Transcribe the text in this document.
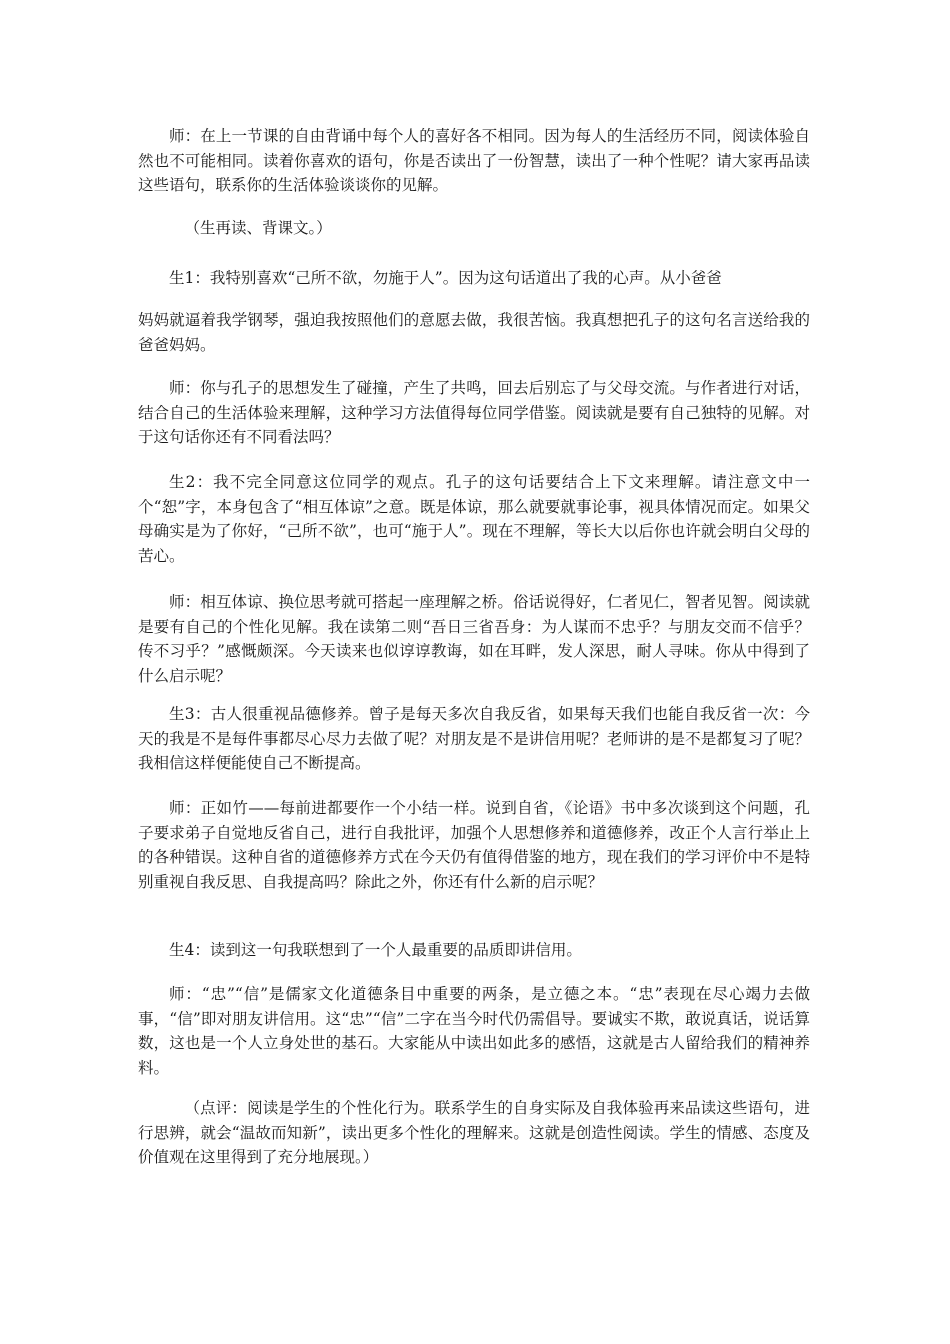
师：在上一节课的自由背诵中每个人的喜好各不相同。因为每人的生活经历不同，阅读体验自然也不可能相同。读着你喜欢的语句，你是否读出了一份智慧，读出了一种个性呢？请大家再品读这些语句，联系你的生活体验谈谈你的见解。

（生再读、背课文。）

生1：我特别喜欢“己所不欲，勿施于人”。因为这句话道出了我的心声。从小爸爸

妈妈就逼着我学钢琴，强迫我按照他们的意愿去做，我很苦恼。我真想把孔子的这句名言送给我的爸爸妈妈。

师：你与孔子的思想发生了碰撞，产生了共鸣，回去后别忘了与父母交流。与作者进行对话，结合自己的生活体验来理解，这种学习方法值得每位同学借鉴。阅读就是要有自己独特的见解。对于这句话你还有不同看法吗？

生2：我不完全同意这位同学的观点。孔子的这句话要结合上下文来理解。请注意文中一个“恕”字，本身包含了“相互体谅”之意。既是体谅，那么就要就事论事，视具体情况而定。如果父母确实是为了你好，“己所不欲”，也可“施于人”。现在不理解，等长大以后你也许就会明白父母的苦心。

师：相互体谅、换位思考就可搭起一座理解之桥。俗话说得好，仁者见仁，智者见智。阅读就是要有自己的个性化见解。我在读第二则“吾日三省吾身：为人谋而不忠乎？与朋友交而不信乎？传不习乎？”感慨颇深。今天读来也似谆谆教诲，如在耳畔，发人深思，耐人寻味。你从中得到了什么启示呢？

生3：古人很重视品德修养。曾子是每天多次自我反省，如果每天我们也能自我反省一次：今天的我是不是每件事都尽心尽力去做了呢？对朋友是不是讲信用呢？老师讲的是不是都复习了呢？我相信这样便能使自己不断提高。

师：正如竹——每前进都要作一个小结一样。说到自省，《论语》书中多次谈到这个问题，孔子要求弟子自觉地反省自己，进行自我批评，加强个人思想修养和道德修养，改正个人言行举止上的各种错误。这种自省的道德修养方式在今天仍有值得借鉴的地方，现在我们的学习评价中不是特别重视自我反思、自我提高吗？除此之外，你还有什么新的启示呢？

生4：读到这一句我联想到了一个人最重要的品质即讲信用。

师：“忠”“信”是儒家文化道德条目中重要的两条，是立德之本。“忠”表现在尽心竭力去做事，“信”即对朋友讲信用。这“忠”“信”二字在当今时代仍需倡导。要诚实不欺，敢说真话，说话算数，这也是一个人立身处世的基石。大家能从中读出如此多的感悟，这就是古人留给我们的精神养料。

（点评：阅读是学生的个性化行为。联系学生的自身实际及自我体验再来品读这些语句，进行思辨，就会“温故而知新”，读出更多个性化的理解来。这就是创造性阅读。学生的情感、态度及价值观在这里得到了充分地展现。）
